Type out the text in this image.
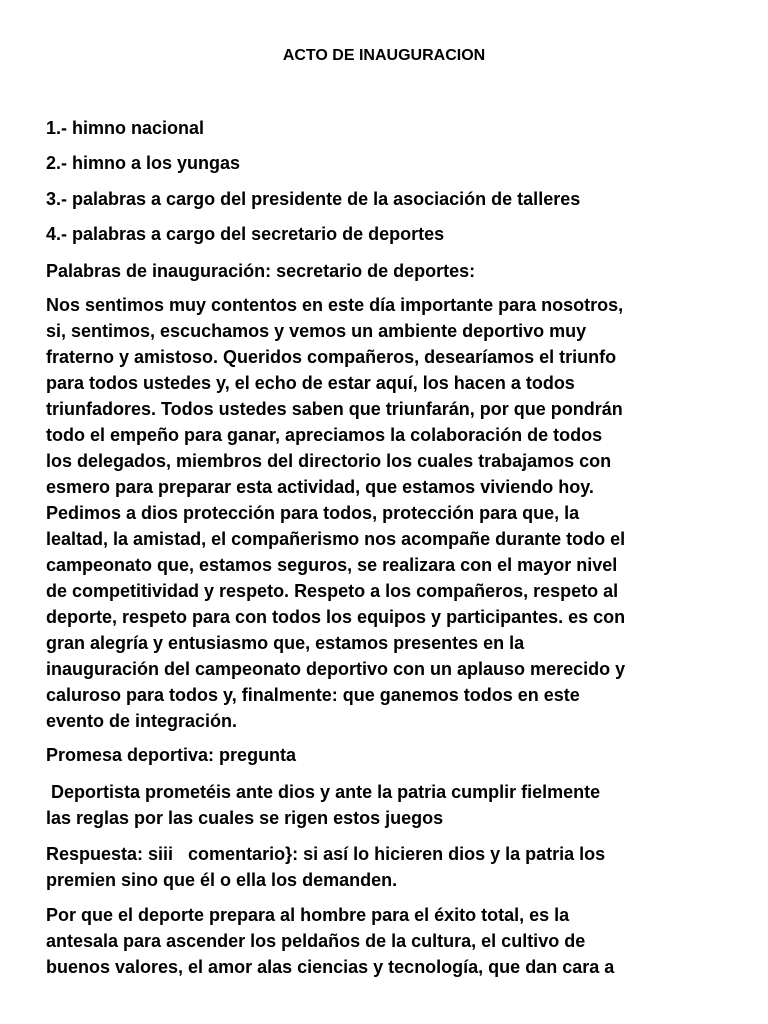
ACTO DE INAUGURACION
1.- himno nacional
2.- himno a los yungas
3.- palabras a cargo del presidente de la asociación de talleres
4.- palabras a cargo del secretario de deportes
Palabras de inauguración: secretario de deportes:
Nos sentimos muy contentos en este día importante para nosotros,
si, sentimos, escuchamos y vemos un ambiente deportivo muy
fraterno y amistoso. Queridos compañeros, desearíamos el triunfo
para todos ustedes y, el echo de estar aquí, los hacen a todos
triunfadores. Todos ustedes saben que triunfarán, por que pondrán
todo el empeño para ganar, apreciamos la colaboración de todos
los delegados, miembros del directorio los cuales trabajamos con
esmero para preparar esta actividad, que estamos viviendo hoy.
Pedimos a dios protección para todos, protección para que, la
lealtad, la amistad, el compañerismo nos acompañe durante todo el
campeonato que, estamos seguros, se realizara con el mayor nivel
de competitividad y respeto. Respeto a los compañeros, respeto al
deporte, respeto para con todos los equipos y participantes. es con
gran alegría y entusiasmo que, estamos presentes en la
inauguración del campeonato deportivo con un aplauso merecido y
caluroso para todos y, finalmente: que ganemos todos en este
evento de integración.
Promesa deportiva: pregunta
Deportista prometéis ante dios y ante la patria cumplir fielmente
las reglas por las cuales se rigen estos juegos
Respuesta: siii   comentario}: si así lo hicieren dios y la patria los
premien sino que él o ella los demanden.
Por que el deporte prepara al hombre para el éxito total, es la
antesala para ascender los peldaños de la cultura, el cultivo de
buenos valores, el amor alas ciencias y tecnología, que dan cara a
